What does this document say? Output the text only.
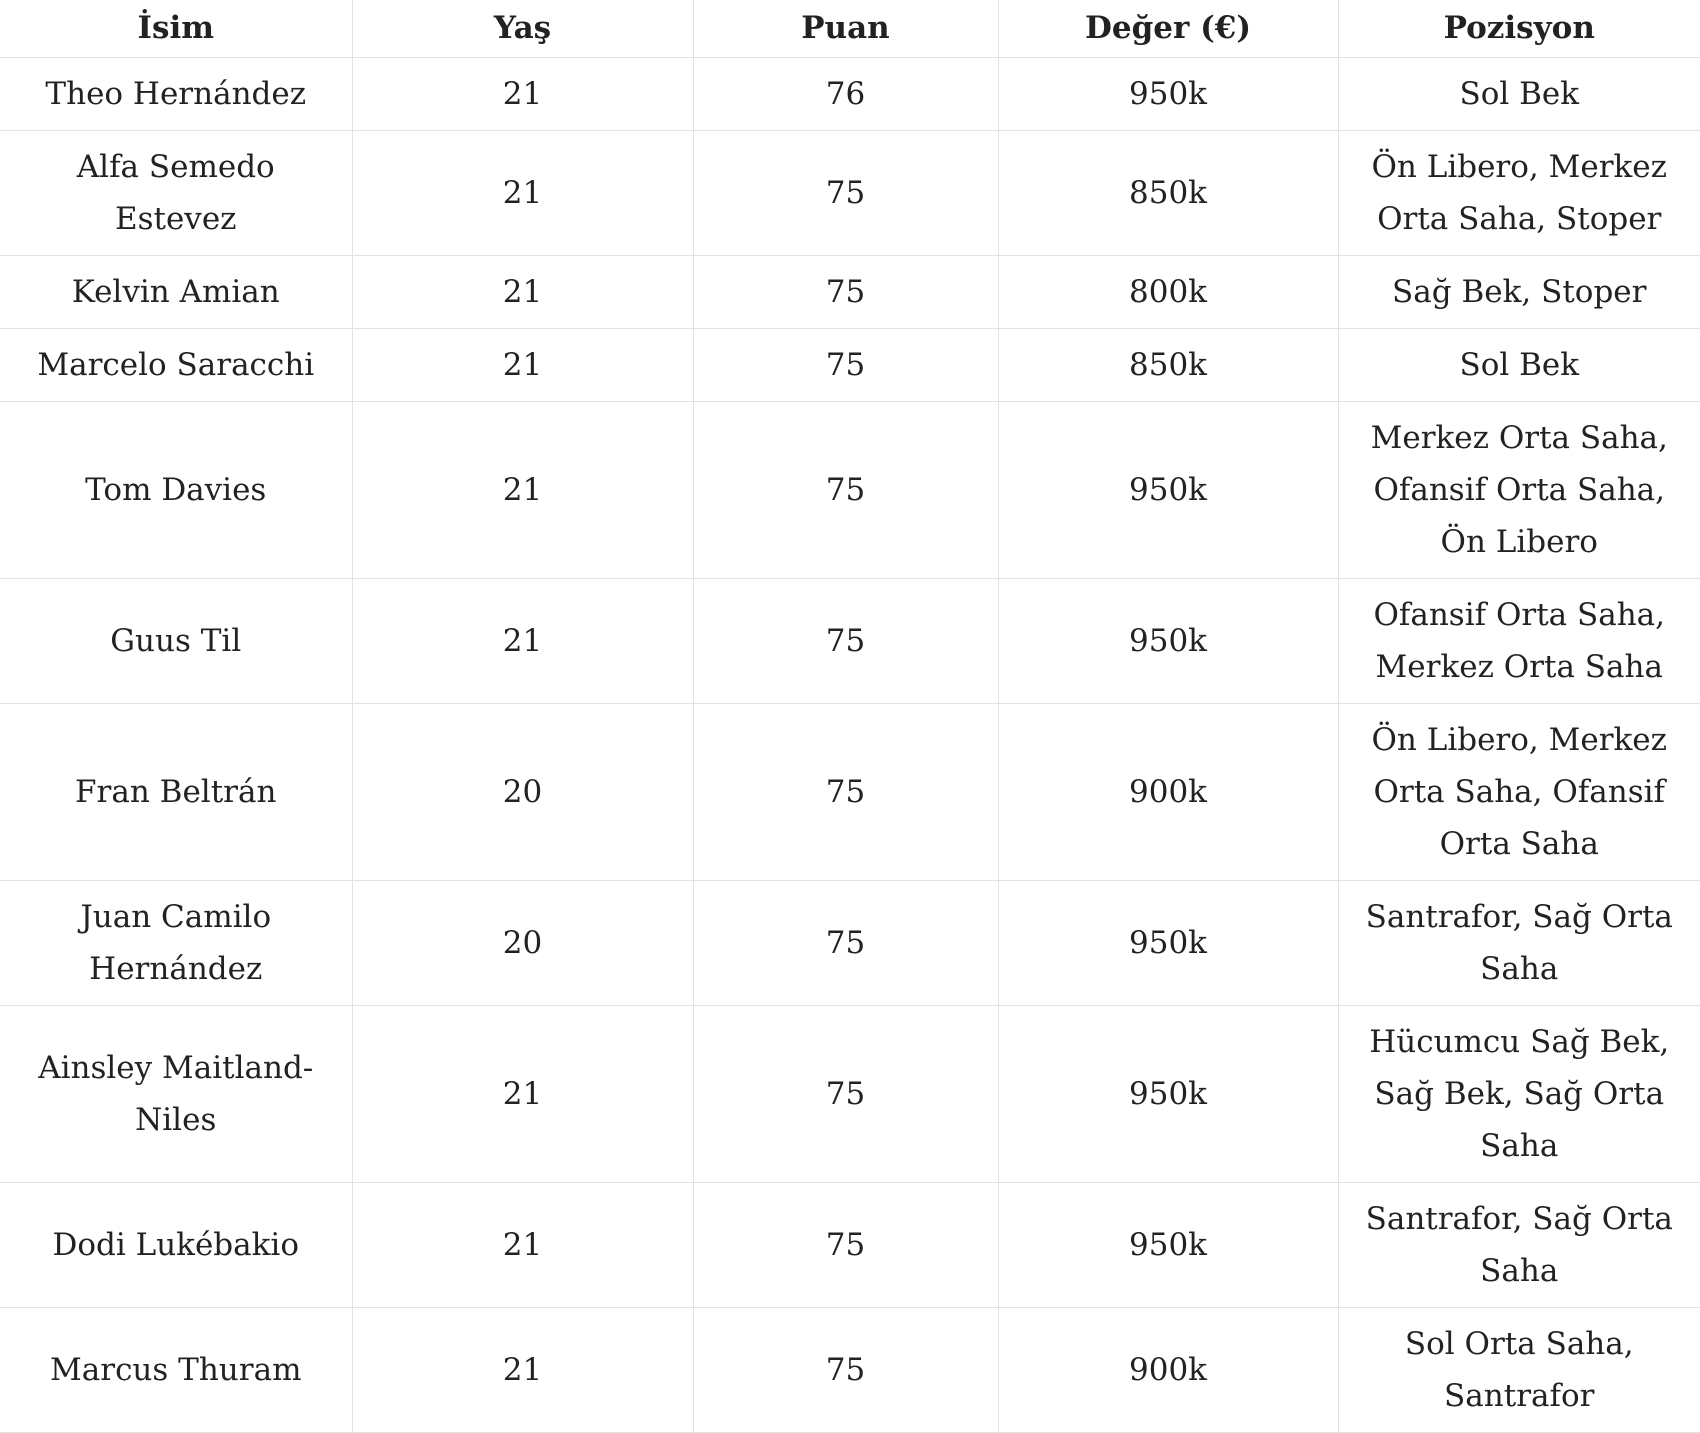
İsim	Yaş	Puan	Değer (€)	Pozisyon
Theo Hernández	21	76	950k	Sol Bek
Alfa Semedo Estevez	21	75	850k	Ön Libero, Merkez Orta Saha, Stoper
Kelvin Amian	21	75	800k	Sağ Bek, Stoper
Marcelo Saracchi	21	75	850k	Sol Bek
Tom Davies	21	75	950k	Merkez Orta Saha, Ofansif Orta Saha, Ön Libero
Guus Til	21	75	950k	Ofansif Orta Saha, Merkez Orta Saha
Fran Beltrán	20	75	900k	Ön Libero, Merkez Orta Saha, Ofansif Orta Saha
Juan Camilo Hernández	20	75	950k	Santrafor, Sağ Orta Saha
Ainsley Maitland-Niles	21	75	950k	Hücumcu Sağ Bek, Sağ Bek, Sağ Orta Saha
Dodi Lukébakio	21	75	950k	Santrafor, Sağ Orta Saha
Marcus Thuram	21	75	900k	Sol Orta Saha, Santrafor
